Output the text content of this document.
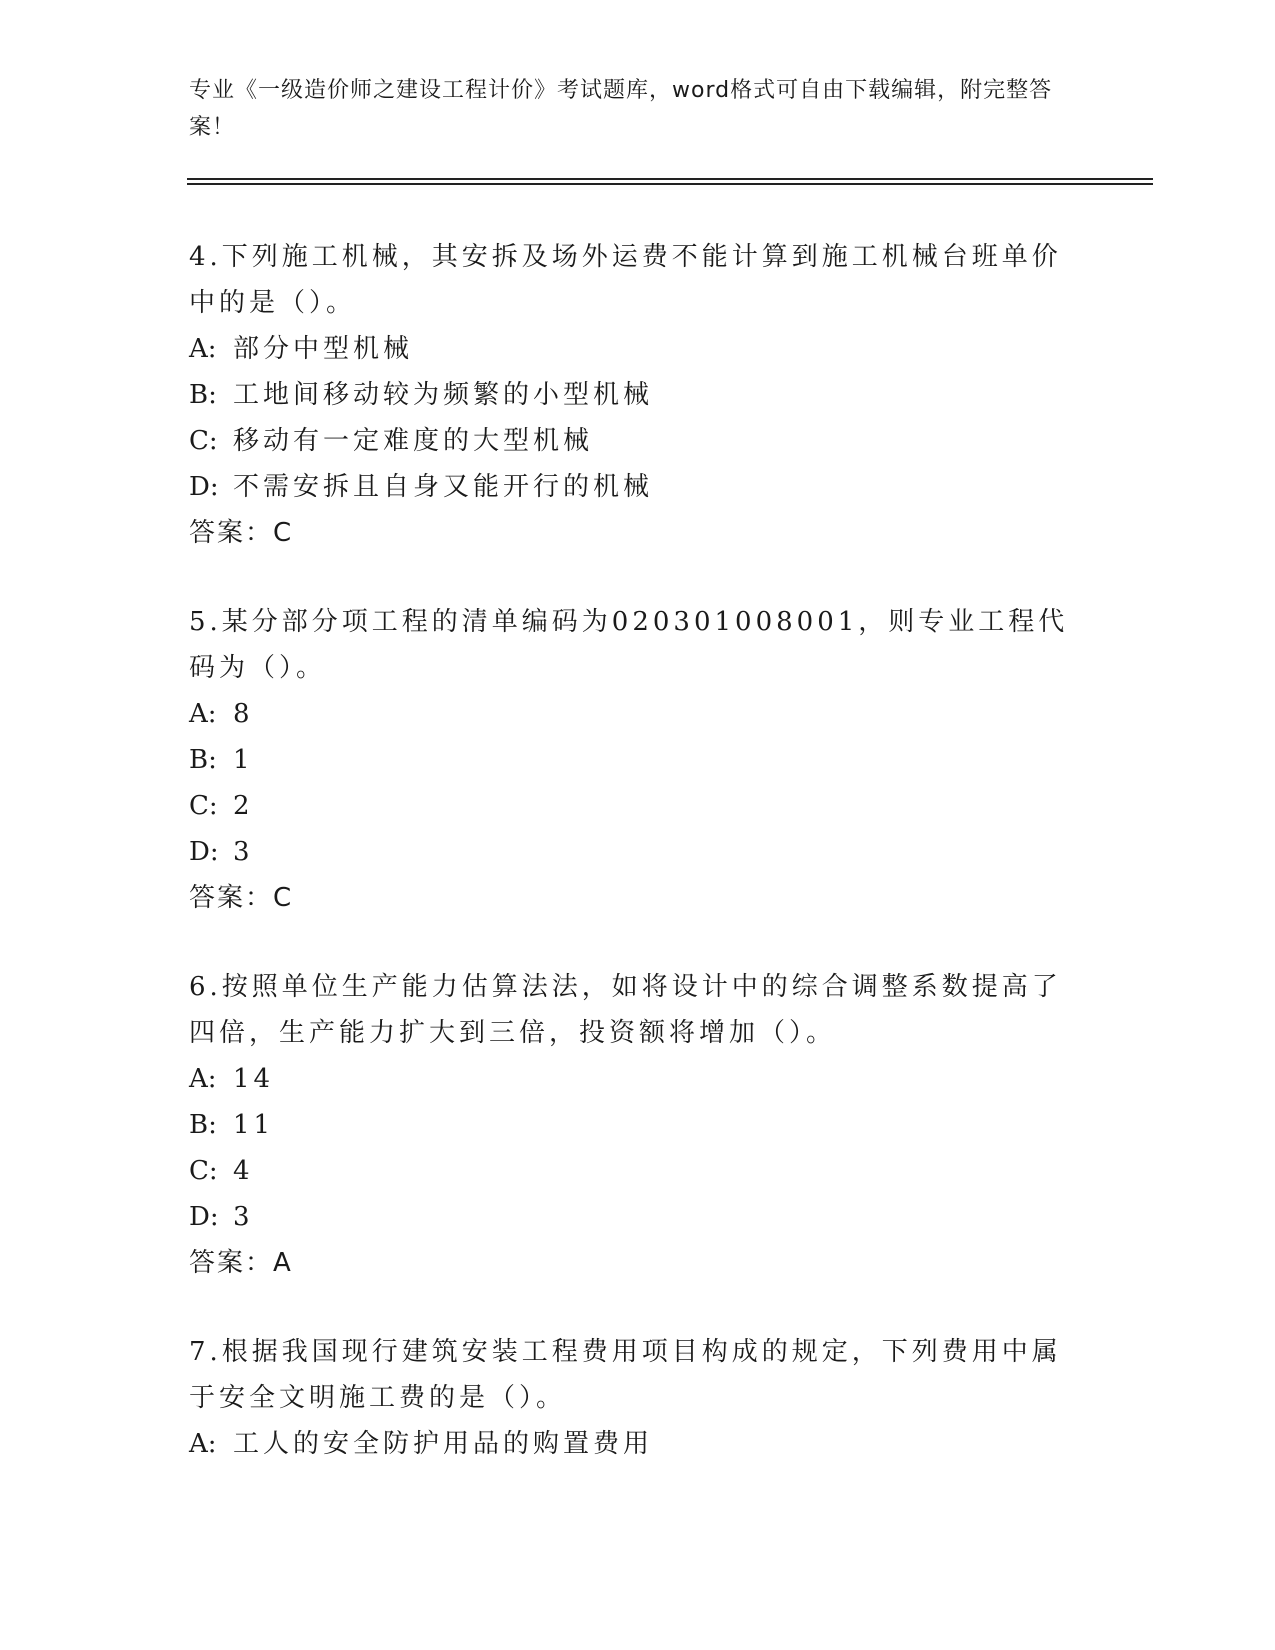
专业《一级造价师之建设工程计价》考试题库，word格式可自由下载编辑，附完整答案！

4.下列施工机械，其安拆及场外运费不能计算到施工机械台班单价中的是（）。

A: 部分中型机械

B: 工地间移动较为频繁的小型机械

C: 移动有一定难度的大型机械

D: 不需安拆且自身又能开行的机械

答案：C

5.某分部分项工程的清单编码为020301008001，则专业工程代码为（）。

A: 8

B: 1

C: 2

D: 3

答案：C

6.按照单位生产能力估算法法，如将设计中的综合调整系数提高了四倍，生产能力扩大到三倍，投资额将增加（）。

A: 14

B: 11

C: 4

D: 3

答案：A

7.根据我国现行建筑安装工程费用项目构成的规定，下列费用中属于安全文明施工费的是（）。

A: 工人的安全防护用品的购置费用
